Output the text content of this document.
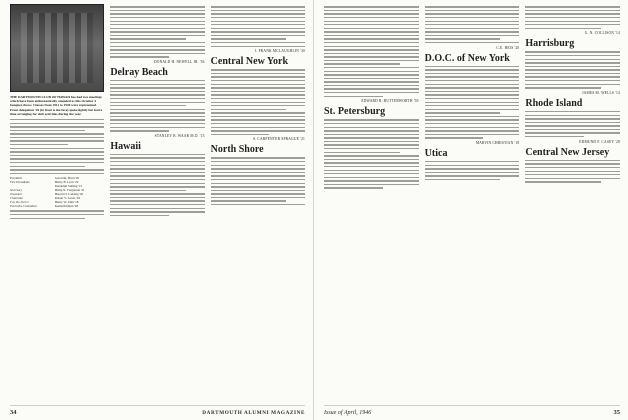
THE DARTMOUTH CLUB OF HAWAII has had two meetings which have been enthusiastically attended as this October 4 banquet shows. Classes from 1911 to 1946 were represented. Front delegation '26 (in front is the face) spoke lightly but had a time arranging for club activities during the year.
President	Gerald R. Hurd '20
Vice Presidents	Henry B. Lyon '22
	Randolph Stirling '21
Secretary	Philip N. Fergusson '21
Treasurer	Harold O. Lansing '26
Chairman	Robert V. Lewis '29
Fox the D.O.C.	Henry W. Zinn '18
Executive Committee	Kenneth Dunn '28
DONALD H. NEWELL JR. '36
Delray Beach
STANLEY B. WAAR M.D. '15
Hawaii
J. FRANK MCLAUGHLIN '30
Central New York
S. CARPENTER SPRAGUE '21
North Shore
34	DARTMOUTH ALUMNI MAGAZINE
EDWARD R. BUTTERWORTH '39
St. Petersburg
C.E. HEIS '20
D.O.C. of New York
MARVIN CHRISTIAN '18
Utica
G. N. COLLISON '14
Harrisburg
JAMES M. WELLS '14
Rhode Island
EDMUND F. CASEY '28
Central New Jersey
Issue of April, 1946	35
